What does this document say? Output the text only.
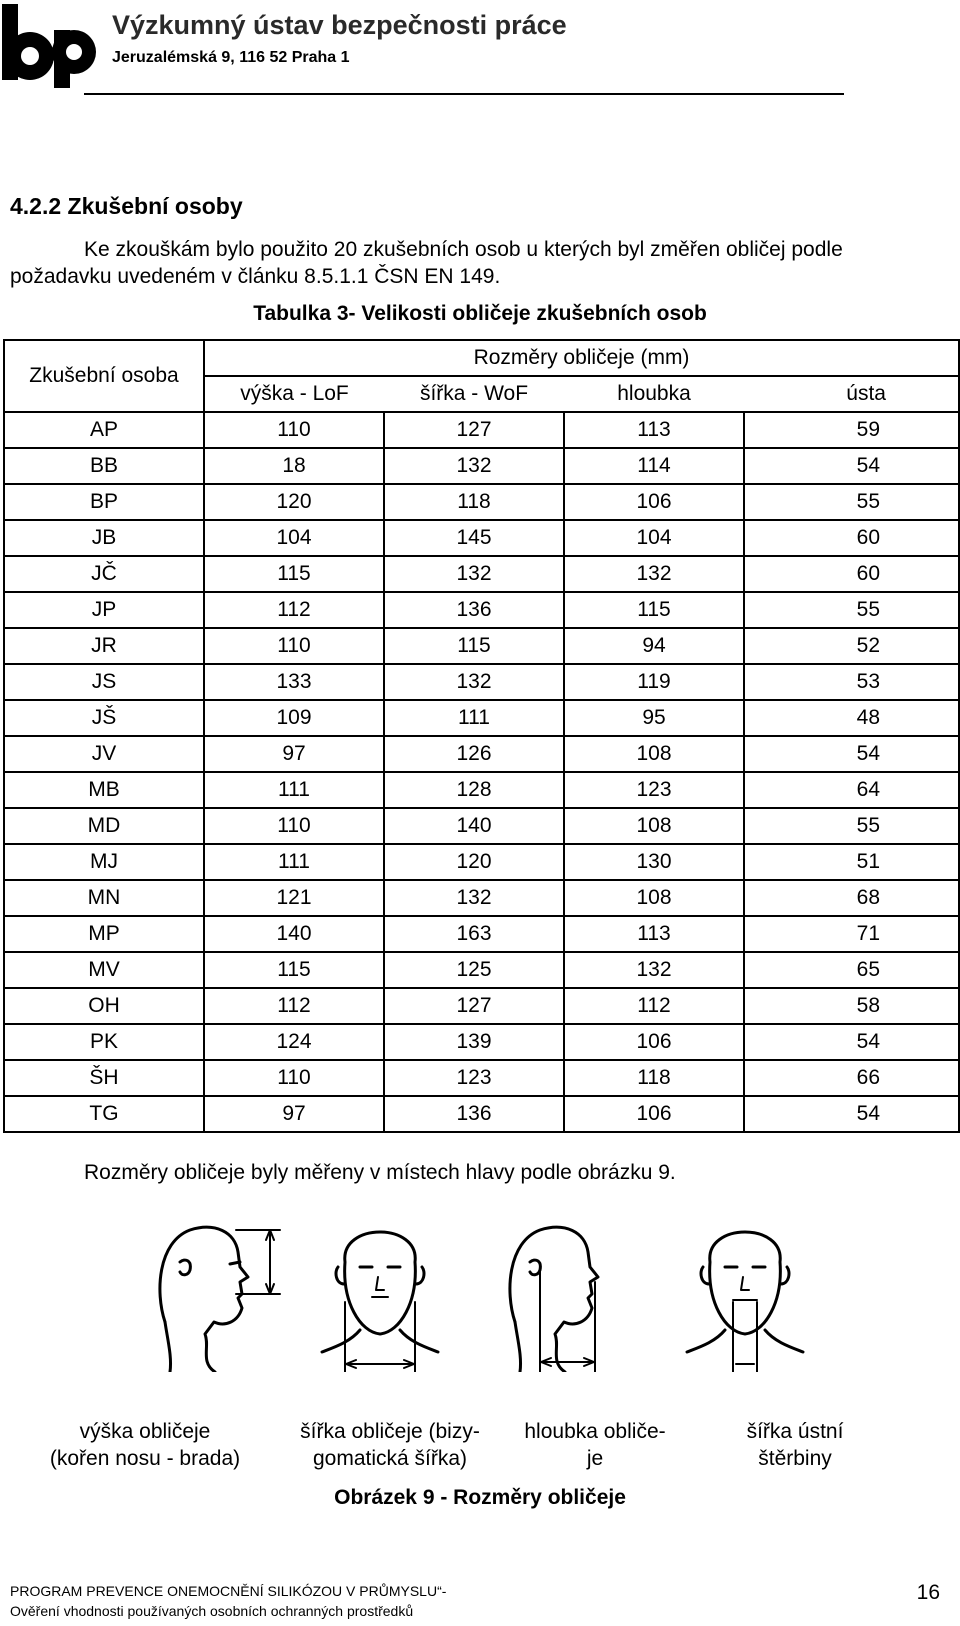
Výzkumný ústav bezpečnosti práce
Jeruzalémská 9, 116 52 Praha 1
4.2.2 Zkušební osoby
Ke zkouškám bylo použito 20 zkušebních osob u kterých byl změřen obličej podle
požadavku uvedeném v článku 8.5.1.1 ČSN EN 149.
Tabulka 3- Velikosti obličeje zkušebních osob
Zkušební osoba	Rozměry obličeje (mm)			
	výška - LoF	šířka - WoF	hloubka	ústa
AP	110	127	113	59
BB	18	132	114	54
BP	120	118	106	55
JB	104	145	104	60
JČ	115	132	132	60
JP	112	136	115	55
JR	110	115	94	52
JS	133	132	119	53
JŠ	109	111	95	48
JV	97	126	108	54
MB	111	128	123	64
MD	110	140	108	55
MJ	111	120	130	51
MN	121	132	108	68
MP	140	163	113	71
MV	115	125	132	65
OH	112	127	112	58
PK	124	139	106	54
ŠH	110	123	118	66
TG	97	136	106	54
Rozměry obličeje byly měřeny v místech hlavy podle obrázku 9.
výška obličeje
(kořen nosu - brada)
šířka obličeje (bizy-
gomatická šířka)
hloubka obliče-
je
šířka ústní
štěrbiny
Obrázek 9 - Rozměry obličeje
PROGRAM PREVENCE ONEMOCNĚNÍ SILIKÓZOU V PRŮMYSLU“-
Ověření vhodnosti používaných osobních ochranných prostředků
16
